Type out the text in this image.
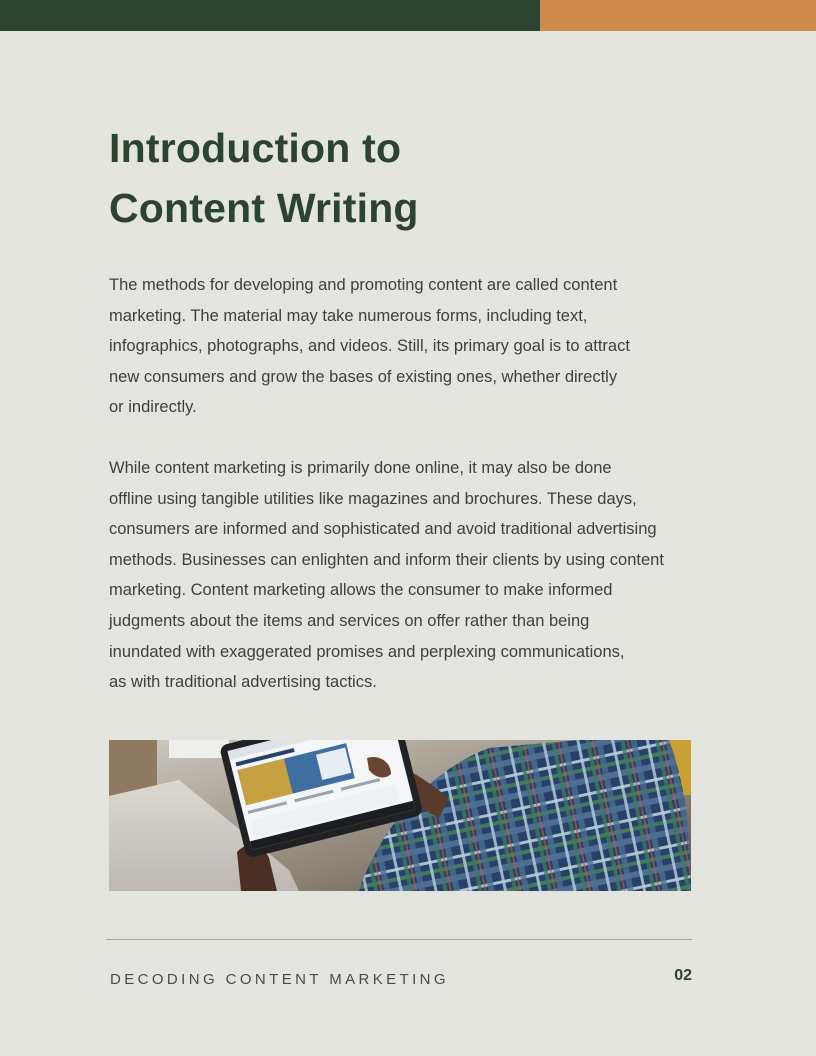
Introduction to
Content Writing
The methods for developing and promoting content are called content
marketing. The material may take numerous forms, including text,
infographics, photographs, and videos. Still, its primary goal is to attract
new consumers and grow the bases of existing ones, whether directly
or indirectly.
While content marketing is primarily done online, it may also be done
offline using tangible utilities like magazines and brochures. These days,
consumers are informed and sophisticated and avoid traditional advertising
methods. Businesses can enlighten and inform their clients by using content
marketing. Content marketing allows the consumer to make informed
judgments about the items and services on offer rather than being
inundated with exaggerated promises and perplexing communications,
as with traditional advertising tactics.
DECODING CONTENT MARKETING	02
